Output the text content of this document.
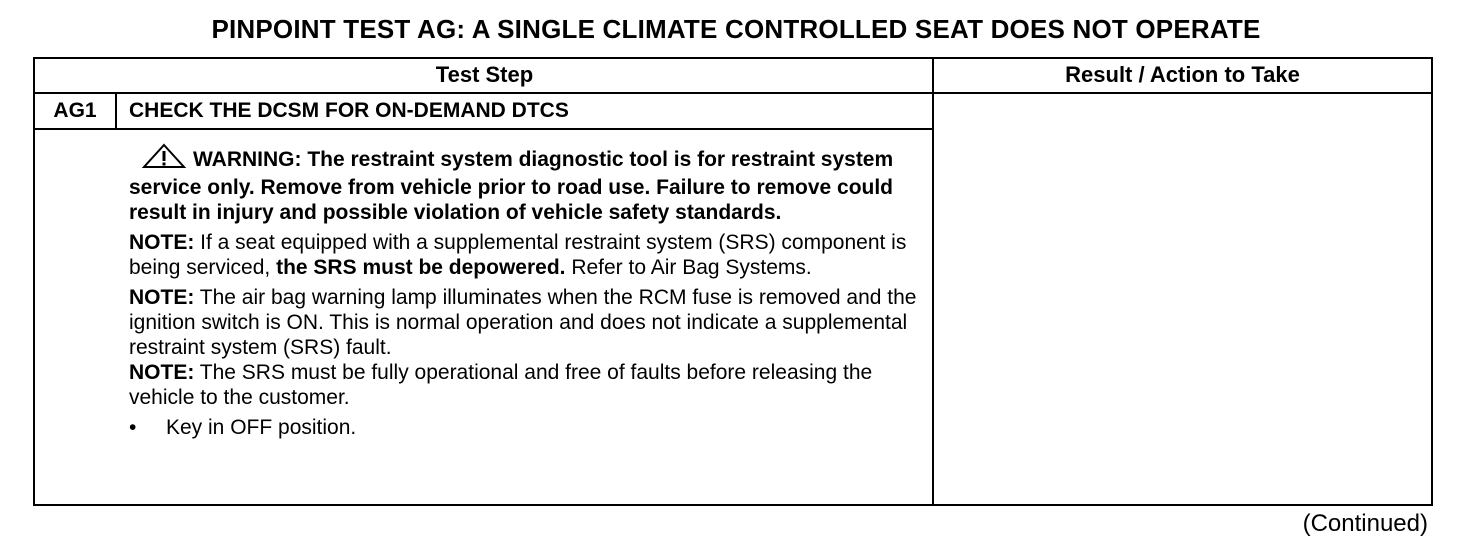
PINPOINT TEST AG: A SINGLE CLIMATE CONTROLLED SEAT DOES NOT OPERATE
Test Step	Result / Action to Take
AG1	CHECK THE DCSM FOR ON-DEMAND DTCS
WARNING: The restraint system diagnostic tool is for restraint system service only. Remove from vehicle prior to road use. Failure to remove could result in injury and possible violation of vehicle safety standards.
NOTE: If a seat equipped with a supplemental restraint system (SRS) component is being serviced, the SRS must be depowered. Refer to Air Bag Systems.
NOTE: The air bag warning lamp illuminates when the RCM fuse is removed and the ignition switch is ON. This is normal operation and does not indicate a supplemental restraint system (SRS) fault.
NOTE: The SRS must be fully operational and free of faults before releasing the vehicle to the customer.
• Key in OFF position.
(Continued)
